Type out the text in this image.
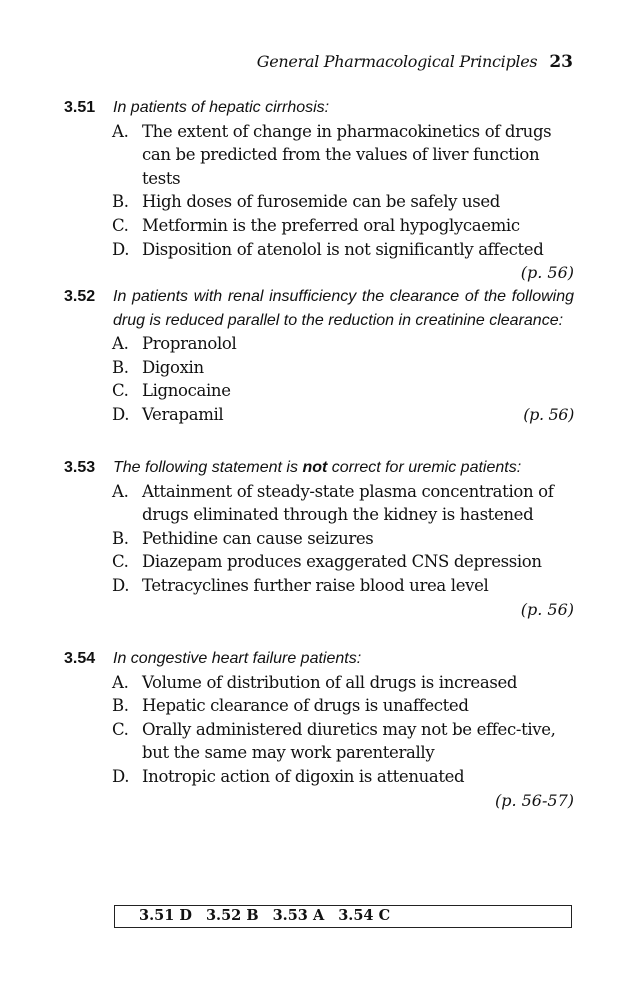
General Pharmacological Principles 23
3.51	In patients of hepatic cirrhosis:
A. The extent of change in pharmacokinetics of drugs can be predicted from the values of liver function tests
B. High doses of furosemide can be safely used
C. Metformin is the preferred oral hypoglycaemic
D. Disposition of atenolol is not significantly affected
(p. 56)
3.52	In patients with renal insufficiency the clearance of the following drug is reduced parallel to the reduction in creatinine clearance:
A. Propranolol
B. Digoxin
C. Lignocaine
D. Verapamil	(p. 56)
3.53	The following statement is not correct for uremic patients:
A. Attainment of steady-state plasma concentration of drugs eliminated through the kidney is hastened
B. Pethidine can cause seizures
C. Diazepam produces exaggerated CNS depression
D. Tetracyclines further raise blood urea level
(p. 56)
3.54	In congestive heart failure patients:
A. Volume of distribution of all drugs is increased
B. Hepatic clearance of drugs is unaffected
C. Orally administered diuretics may not be effec-tive, but the same may work parenterally
D. Inotropic action of digoxin is attenuated
(p. 56-57)
3.51 D 3.52 B 3.53 A 3.54 C
